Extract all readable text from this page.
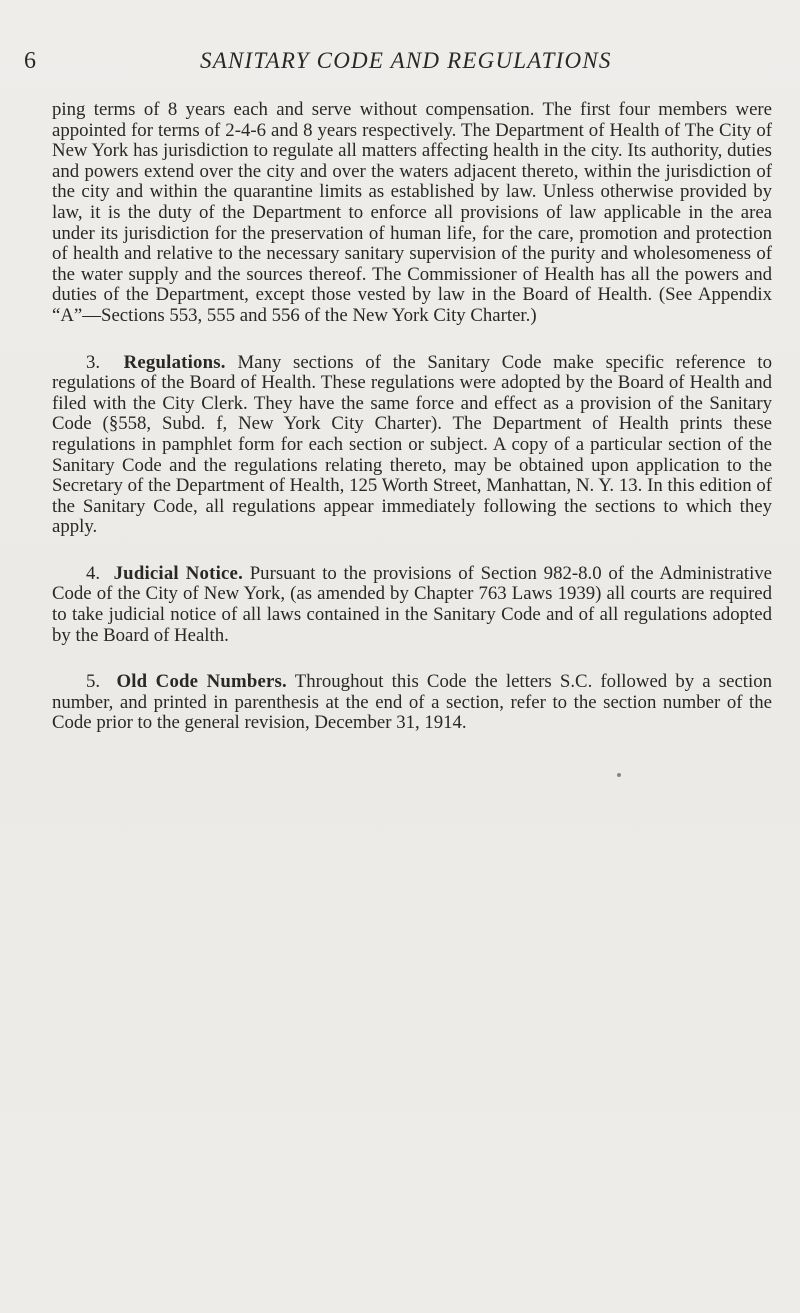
6	SANITARY CODE AND REGULATIONS

ping terms of 8 years each and serve without compensation. The first four members were appointed for terms of 2-4-6 and 8 years respectively. The Department of Health of The City of New York has jurisdiction to regulate all matters affecting health in the city. Its authority, duties and powers extend over the city and over the waters adjacent thereto, within the jurisdiction of the city and within the quarantine limits as established by law. Unless otherwise provided by law, it is the duty of the Department to enforce all provisions of law applicable in the area under its jurisdiction for the preservation of human life, for the care, promotion and protection of health and relative to the necessary sanitary supervision of the purity and wholesomeness of the water supply and the sources thereof. The Commissioner of Health has all the powers and duties of the Department, except those vested by law in the Board of Health. (See Appendix “A”—Sections 553, 555 and 556 of the New York City Charter.)

3. Regulations. Many sections of the Sanitary Code make specific reference to regulations of the Board of Health. These regulations were adopted by the Board of Health and filed with the City Clerk. They have the same force and effect as a provision of the Sanitary Code (§558, Subd. f, New York City Charter). The Department of Health prints these regulations in pamphlet form for each section or subject. A copy of a particular section of the Sanitary Code and the regulations relating thereto, may be obtained upon application to the Secretary of the Department of Health, 125 Worth Street, Manhattan, N. Y. 13. In this edition of the Sanitary Code, all regulations appear immediately following the sections to which they apply.

4. Judicial Notice. Pursuant to the provisions of Section 982-8.0 of the Administrative Code of the City of New York, (as amended by Chapter 763 Laws 1939) all courts are required to take judicial notice of all laws contained in the Sanitary Code and of all regulations adopted by the Board of Health.

5. Old Code Numbers. Throughout this Code the letters S.C. followed by a section number, and printed in parenthesis at the end of a section, refer to the section number of the Code prior to the general revision, December 31, 1914.
